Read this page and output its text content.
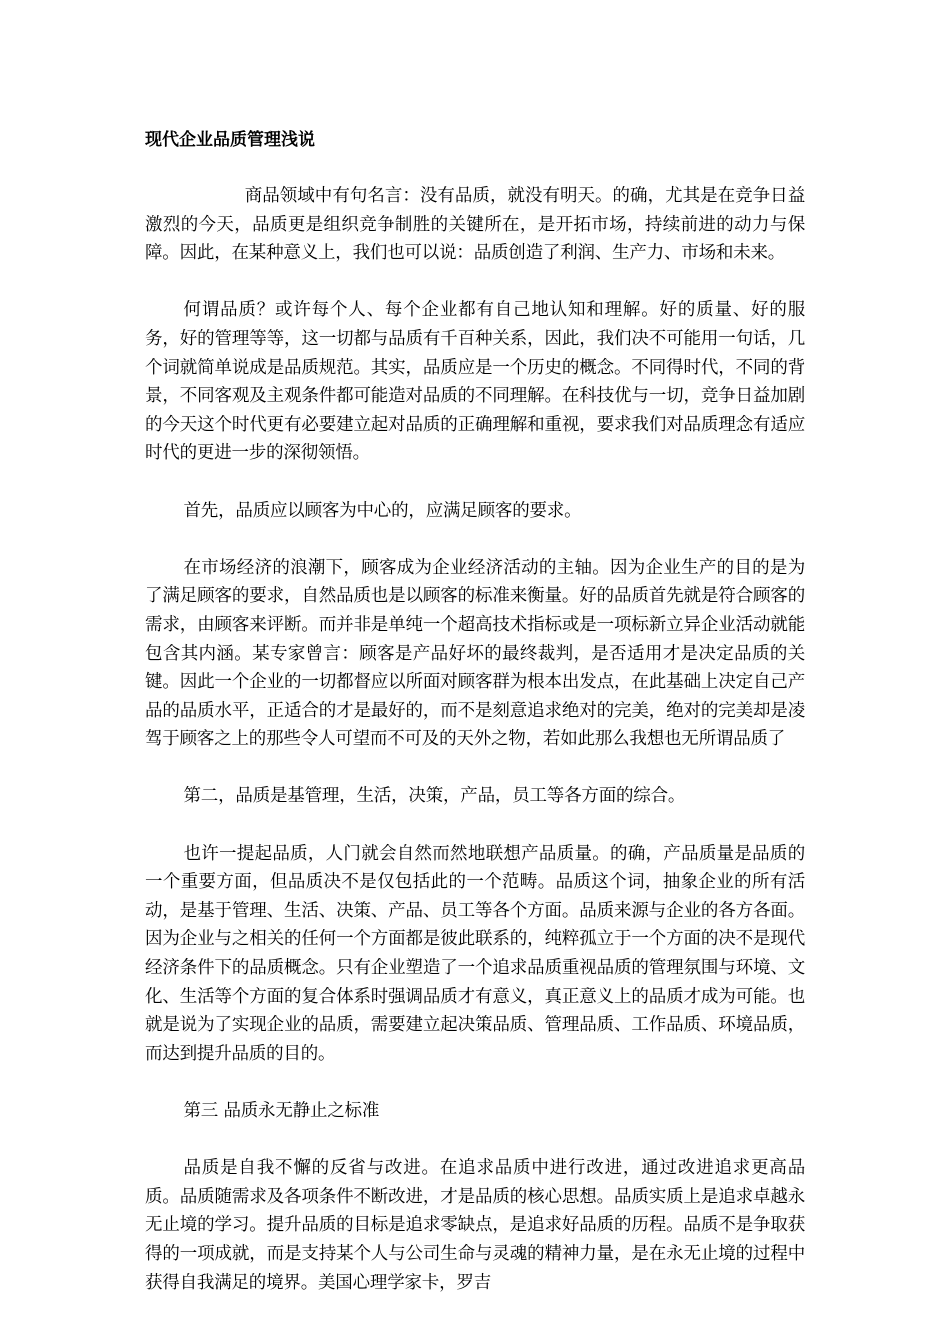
现代企业品质管理浅说

商品领域中有句名言：没有品质，就没有明天。的确，尤其是在竞争日益激烈的今天，品质更是组织竞争制胜的关键所在，是开拓市场，持续前进的动力与保障。因此，在某种意义上，我们也可以说：品质创造了利润、生产力、市场和未来。

何谓品质？或许每个人、每个企业都有自己地认知和理解。好的质量、好的服务，好的管理等等，这一切都与品质有千百种关系，因此，我们决不可能用一句话，几个词就简单说成是品质规范。其实，品质应是一个历史的概念。不同得时代，不同的背景，不同客观及主观条件都可能造对品质的不同理解。在科技优与一切，竞争日益加剧的今天这个时代更有必要建立起对品质的正确理解和重视，要求我们对品质理念有适应时代的更进一步的深彻领悟。

首先，品质应以顾客为中心的，应满足顾客的要求。

在市场经济的浪潮下，顾客成为企业经济活动的主轴。因为企业生产的目的是为了满足顾客的要求，自然品质也是以顾客的标准来衡量。好的品质首先就是符合顾客的需求，由顾客来评断。而并非是单纯一个超高技术指标或是一项标新立异企业活动就能包含其内涵。某专家曾言：顾客是产品好坏的最终裁判，是否适用才是决定品质的关键。因此一个企业的一切都督应以所面对顾客群为根本出发点，在此基础上决定自己产品的品质水平，正适合的才是最好的，而不是刻意追求绝对的完美，绝对的完美却是凌驾于顾客之上的那些令人可望而不可及的天外之物，若如此那么我想也无所谓品质了

第二，品质是基管理，生活，决策，产品，员工等各方面的综合。

也许一提起品质，人门就会自然而然地联想产品质量。的确，产品质量是品质的一个重要方面，但品质决不是仅包括此的一个范畴。品质这个词，抽象企业的所有活动，是基于管理、生活、决策、产品、员工等各个方面。品质来源与企业的各方各面。因为企业与之相关的任何一个方面都是彼此联系的，纯粹孤立于一个方面的决不是现代经济条件下的品质概念。只有企业塑造了一个追求品质重视品质的管理氛围与环境、文化、生活等个方面的复合体系时强调品质才有意义，真正意义上的品质才成为可能。也就是说为了实现企业的品质，需要建立起决策品质、管理品质、工作品质、环境品质，而达到提升品质的目的。

第三 品质永无静止之标准

品质是自我不懈的反省与改进。在追求品质中进行改进，通过改进追求更高品质。品质随需求及各项条件不断改进，才是品质的核心思想。品质实质上是追求卓越永无止境的学习。提升品质的目标是追求零缺点，是追求好品质的历程。品质不是争取获得的一项成就，而是支持某个人与公司生命与灵魂的精神力量，是在永无止境的过程中获得自我满足的境界。美国心理学家卡，罗吉
